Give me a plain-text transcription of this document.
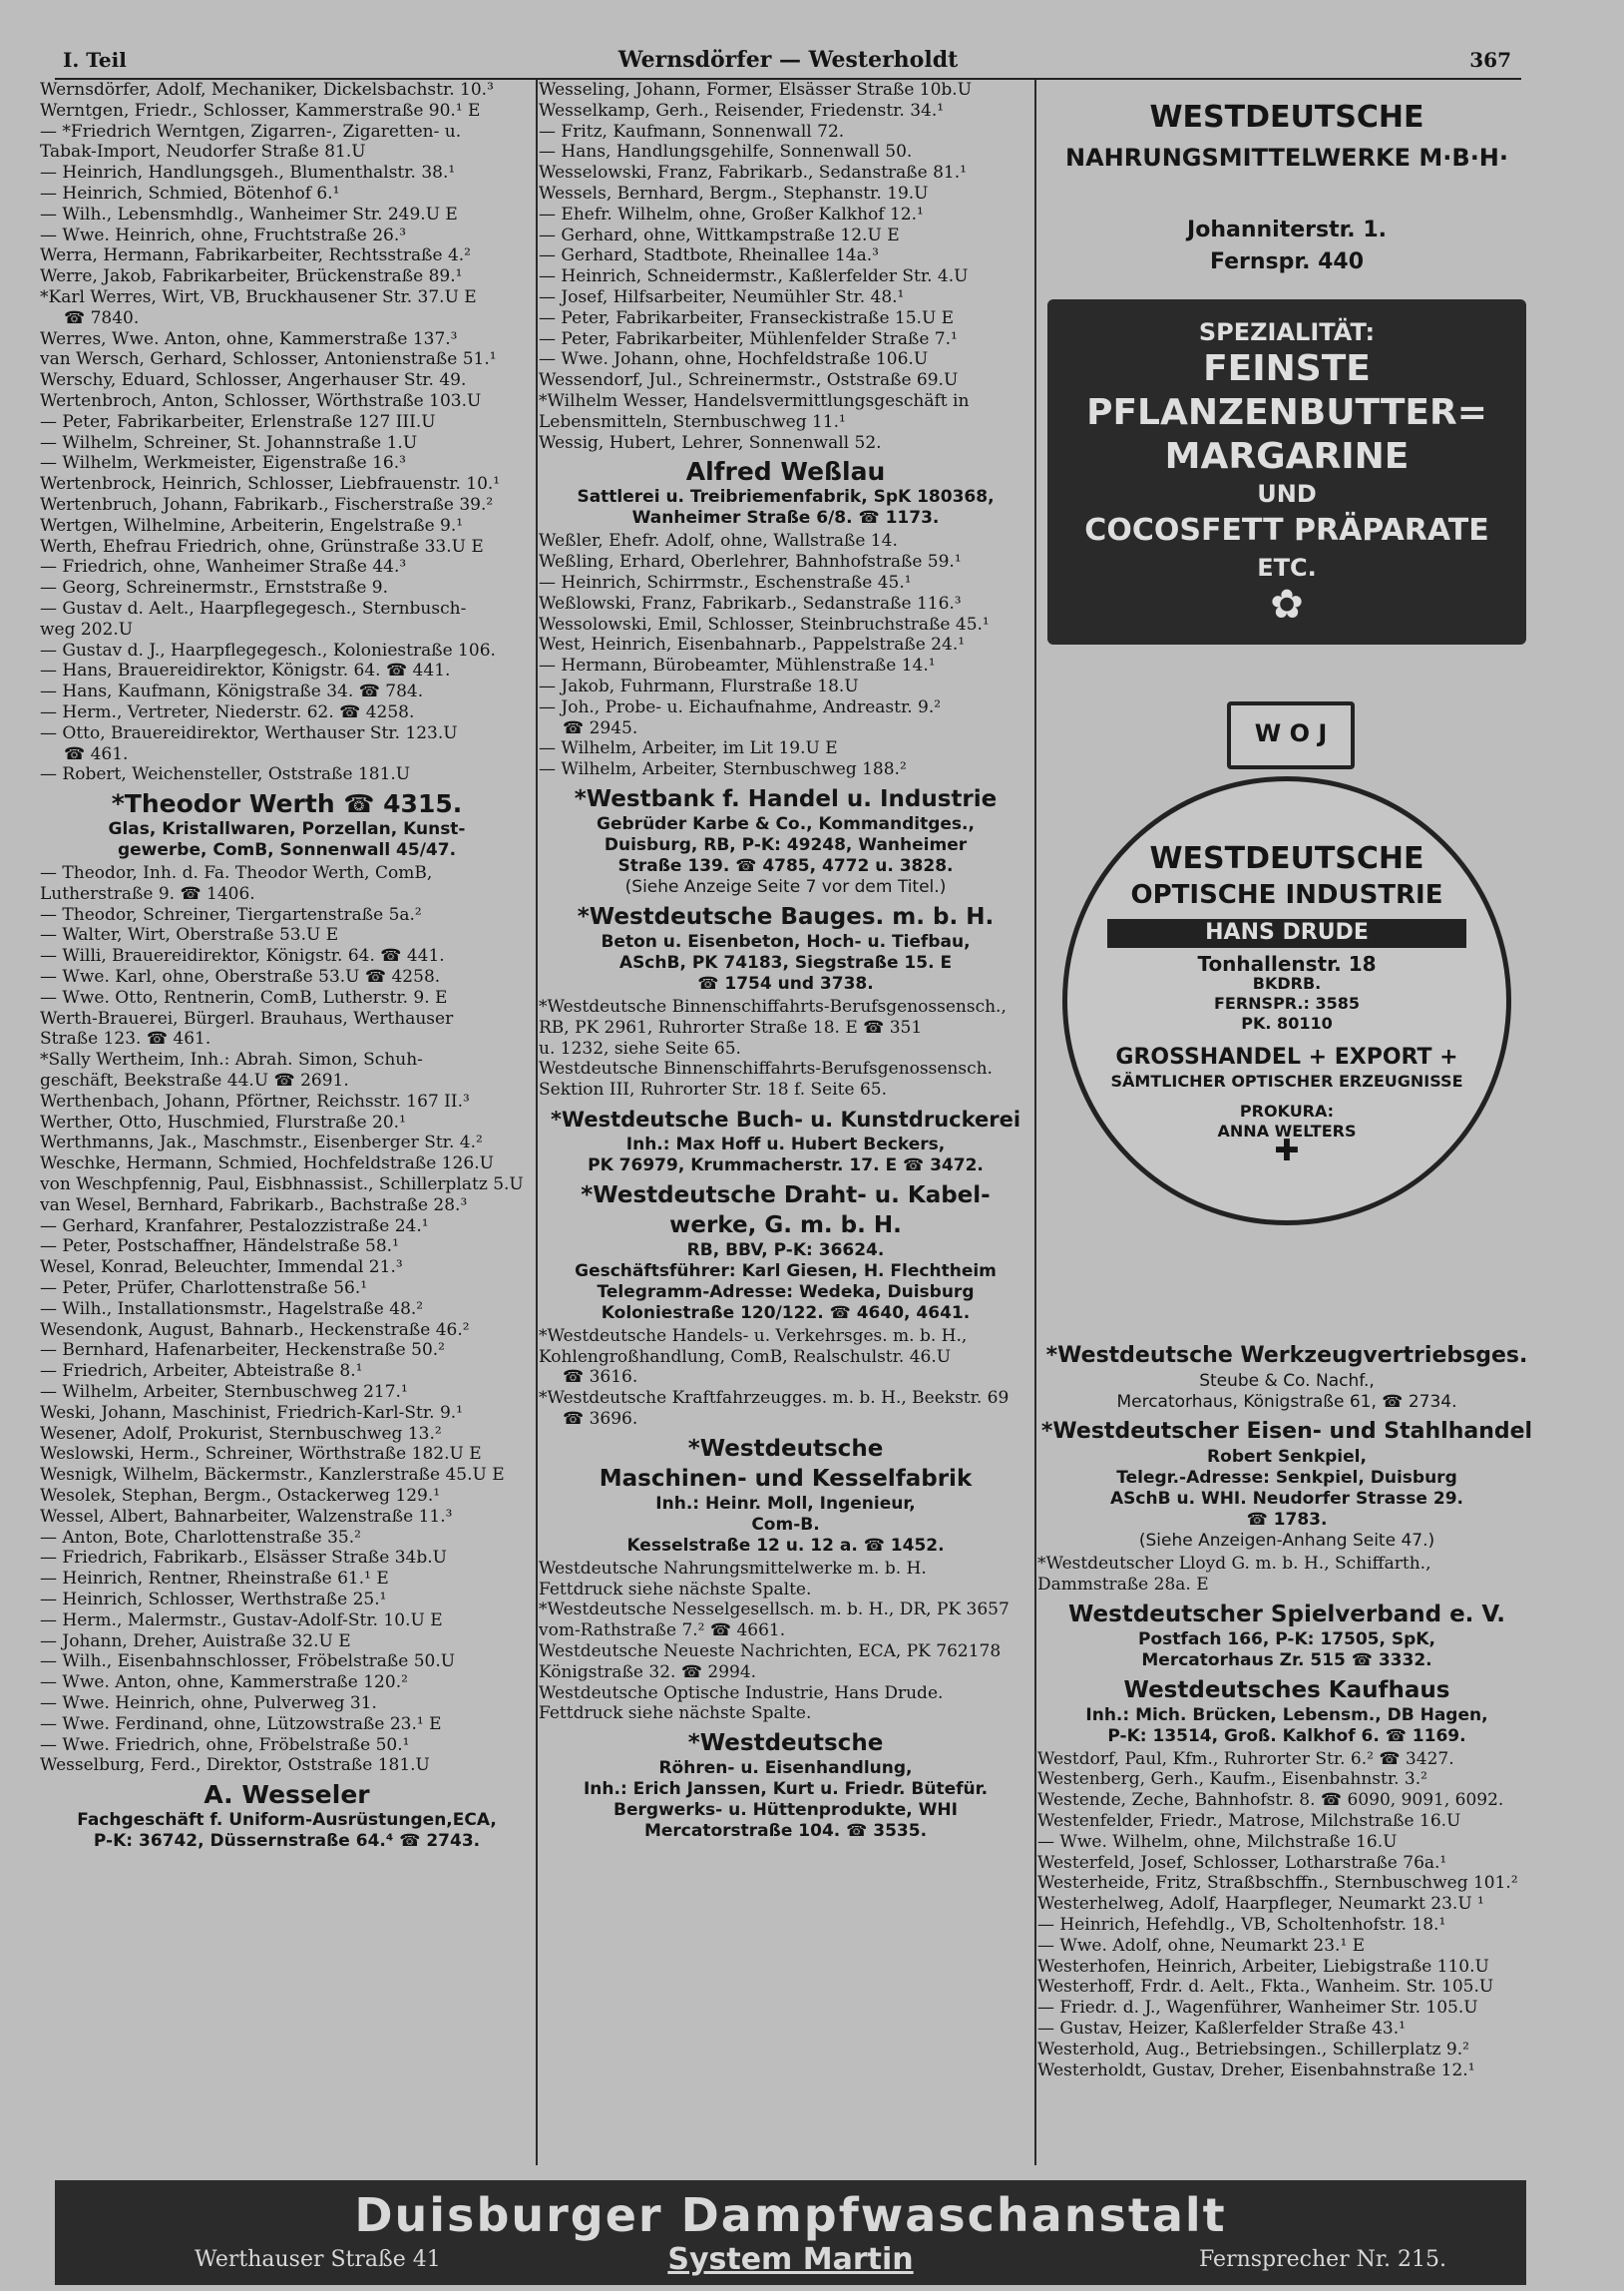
I. Teil	Wernsdörfer — Westerholdt	367
Wernsdörfer, Adolf, Mechaniker, Dickelsbachstr. 10.³
Werntgen, Friedr., Schlosser, Kammerstraße 90.¹ E
— *Friedrich Werntgen, Zigarren-, Zigaretten- u.
Tabak-Import, Neudorfer Straße 81.U
— Heinrich, Handlungsgeh., Blumenthalstr. 38.¹
— Heinrich, Schmied, Bötenhof 6.¹
— Wilh., Lebensmhdlg., Wanheimer Str. 249.U E
— Wwe. Heinrich, ohne, Fruchtstraße 26.³
Werra, Hermann, Fabrikarbeiter, Rechtsstraße 4.²
Werre, Jakob, Fabrikarbeiter, Brückenstraße 89.¹
*Karl Werres, Wirt, VB, Bruckhausener Str. 37.U E
☎ 7840.
Werres, Wwe. Anton, ohne, Kammerstraße 137.³
van Wersch, Gerhard, Schlosser, Antonienstraße 51.¹
Werschy, Eduard, Schlosser, Angerhauser Str. 49.
Wertenbroch, Anton, Schlosser, Wörthstraße 103.U
— Peter, Fabrikarbeiter, Erlenstraße 127 III.U
— Wilhelm, Schreiner, St. Johannstraße 1.U
— Wilhelm, Werkmeister, Eigenstraße 16.³
Wertenbrock, Heinrich, Schlosser, Liebfrauenstr. 10.¹
Wertenbruch, Johann, Fabrikarb., Fischerstraße 39.²
Wertgen, Wilhelmine, Arbeiterin, Engelstraße 9.¹
Werth, Ehefrau Friedrich, ohne, Grünstraße 33.U E
— Friedrich, ohne, Wanheimer Straße 44.³
— Georg, Schreinermstr., Ernststraße 9.
— Gustav d. Aelt., Haarpflegegesch., Sternbusch-
weg 202.U
— Gustav d. J., Haarpflegegesch., Koloniestraße 106.
— Hans, Brauereidirektor, Königstr. 64. ☎ 441.
— Hans, Kaufmann, Königstraße 34. ☎ 784.
— Herm., Vertreter, Niederstr. 62. ☎ 4258.
— Otto, Brauereidirektor, Werthauser Str. 123.U
☎ 461.
— Robert, Weichensteller, Oststraße 181.U
*Theodor Werth ☎ 4315.
Glas, Kristallwaren, Porzellan, Kunst-
gewerbe, ComB, Sonnenwall 45/47.
— Theodor, Inh. d. Fa. Theodor Werth, ComB,
Lutherstraße 9. ☎ 1406.
— Theodor, Schreiner, Tiergartenstraße 5a.²
— Walter, Wirt, Oberstraße 53.U E
— Willi, Brauereidirektor, Königstr. 64. ☎ 441.
— Wwe. Karl, ohne, Oberstraße 53.U ☎ 4258.
— Wwe. Otto, Rentnerin, ComB, Lutherstr. 9. E
Werth-Brauerei, Bürgerl. Brauhaus, Werthauser
Straße 123. ☎ 461.
*Sally Wertheim, Inh.: Abrah. Simon, Schuh-
geschäft, Beekstraße 44.U ☎ 2691.
Werthenbach, Johann, Pförtner, Reichsstr. 167 II.³
Werther, Otto, Huschmied, Flurstraße 20.¹
Werthmanns, Jak., Maschmstr., Eisenberger Str. 4.²
Weschke, Hermann, Schmied, Hochfeldstraße 126.U
von Weschpfennig, Paul, Eisbhnassist., Schillerplatz 5.U
van Wesel, Bernhard, Fabrikarb., Bachstraße 28.³
— Gerhard, Kranfahrer, Pestalozzistraße 24.¹
— Peter, Postschaffner, Händelstraße 58.¹
Wesel, Konrad, Beleuchter, Immendal 21.³
— Peter, Prüfer, Charlottenstraße 56.¹
— Wilh., Installationsmstr., Hagelstraße 48.²
Wesendonk, August, Bahnarb., Heckenstraße 46.²
— Bernhard, Hafenarbeiter, Heckenstraße 50.²
— Friedrich, Arbeiter, Abteistraße 8.¹
— Wilhelm, Arbeiter, Sternbuschweg 217.¹
Weski, Johann, Maschinist, Friedrich-Karl-Str. 9.¹
Wesener, Adolf, Prokurist, Sternbuschweg 13.²
Weslowski, Herm., Schreiner, Wörthstraße 182.U E
Wesnigk, Wilhelm, Bäckermstr., Kanzlerstraße 45.U E
Wesolek, Stephan, Bergm., Ostackerweg 129.¹
Wessel, Albert, Bahnarbeiter, Walzenstraße 11.³
— Anton, Bote, Charlottenstraße 35.²
— Friedrich, Fabrikarb., Elsässer Straße 34b.U
— Heinrich, Rentner, Rheinstraße 61.¹ E
— Heinrich, Schlosser, Werthstraße 25.¹
— Herm., Malermstr., Gustav-Adolf-Str. 10.U E
— Johann, Dreher, Auistraße 32.U E
— Wilh., Eisenbahnschlosser, Fröbelstraße 50.U
— Wwe. Anton, ohne, Kammerstraße 120.²
— Wwe. Heinrich, ohne, Pulverweg 31.
— Wwe. Ferdinand, ohne, Lützowstraße 23.¹ E
— Wwe. Friedrich, ohne, Fröbelstraße 50.¹
Wesselburg, Ferd., Direktor, Oststraße 181.U
A. Wesseler
Fachgeschäft f. Uniform-Ausrüstungen,ECA,
P-K: 36742, Düssernstraße 64.⁴ ☎ 2743.
Wesseling, Johann, Former, Elsässer Straße 10b.U
Wesselkamp, Gerh., Reisender, Friedenstr. 34.¹
— Fritz, Kaufmann, Sonnenwall 72.
— Hans, Handlungsgehilfe, Sonnenwall 50.
Wesselowski, Franz, Fabrikarb., Sedanstraße 81.¹
Wessels, Bernhard, Bergm., Stephanstr. 19.U
— Ehefr. Wilhelm, ohne, Großer Kalkhof 12.¹
— Gerhard, ohne, Wittkampstraße 12.U E
— Gerhard, Stadtbote, Rheinallee 14a.³
— Heinrich, Schneidermstr., Kaßlerfelder Str. 4.U
— Josef, Hilfsarbeiter, Neumühler Str. 48.¹
— Peter, Fabrikarbeiter, Franseckistraße 15.U E
— Peter, Fabrikarbeiter, Mühlenfelder Straße 7.¹
— Wwe. Johann, ohne, Hochfeldstraße 106.U
Wessendorf, Jul., Schreinermstr., Oststraße 69.U
*Wilhelm Wesser, Handelsvermittlungsgeschäft in
Lebensmitteln, Sternbuschweg 11.¹
Wessig, Hubert, Lehrer, Sonnenwall 52.
Alfred Weßlau
Sattlerei u. Treibriemenfabrik, SpK 180368,
Wanheimer Straße 6/8. ☎ 1173.
Weßler, Ehefr. Adolf, ohne, Wallstraße 14.
Weßling, Erhard, Oberlehrer, Bahnhofstraße 59.¹
— Heinrich, Schirrmstr., Eschenstraße 45.¹
Weßlowski, Franz, Fabrikarb., Sedanstraße 116.³
Wessolowski, Emil, Schlosser, Steinbruchstraße 45.¹
West, Heinrich, Eisenbahnarb., Pappelstraße 24.¹
— Hermann, Bürobeamter, Mühlenstraße 14.¹
— Jakob, Fuhrmann, Flurstraße 18.U
— Joh., Probe- u. Eichaufnahme, Andreastr. 9.²
☎ 2945.
— Wilhelm, Arbeiter, im Lit 19.U E
— Wilhelm, Arbeiter, Sternbuschweg 188.²
*Westbank f. Handel u. Industrie
Gebrüder Karbe & Co., Kommanditges.,
Duisburg, RB, P-K: 49248, Wanheimer
Straße 139. ☎ 4785, 4772 u. 3828.
(Siehe Anzeige Seite 7 vor dem Titel.)
*Westdeutsche Bauges. m. b. H.
Beton u. Eisenbeton, Hoch- u. Tiefbau,
ASchB, PK 74183, Siegstraße 15. E
☎ 1754 und 3738.
*Westdeutsche Binnenschiffahrts-Berufsgenossensch.,
RB, PK 2961, Ruhrorter Straße 18. E ☎ 351
u. 1232, siehe Seite 65.
Westdeutsche Binnenschiffahrts-Berufsgenossensch.
Sektion III, Ruhrorter Str. 18 f. Seite 65.
*Westdeutsche Buch- u. Kunstdruckerei
Inh.: Max Hoff u. Hubert Beckers,
PK 76979, Krummacherstr. 17. E ☎ 3472.
*Westdeutsche Draht- u. Kabel-
werke, G. m. b. H.
RB, BBV, P-K: 36624.
Geschäftsführer: Karl Giesen, H. Flechtheim
Telegramm-Adresse: Wedeka, Duisburg
Koloniestraße 120/122. ☎ 4640, 4641.
*Westdeutsche Handels- u. Verkehrsges. m. b. H.,
Kohlengroßhandlung, ComB, Realschulstr. 46.U
☎ 3616.
*Westdeutsche Kraftfahrzeugges. m. b. H., Beekstr. 69
☎ 3696.
*Westdeutsche
Maschinen- und Kesselfabrik
Inh.: Heinr. Moll, Ingenieur,
Com-B.
Kesselstraße 12 u. 12 a. ☎ 1452.
Westdeutsche Nahrungsmittelwerke m. b. H.
Fettdruck siehe nächste Spalte.
*Westdeutsche Nesselgesellsch. m. b. H., DR, PK 3657
vom-Rathstraße 7.² ☎ 4661.
Westdeutsche Neueste Nachrichten, ECA, PK 762178
Königstraße 32. ☎ 2994.
Westdeutsche Optische Industrie, Hans Drude.
Fettdruck siehe nächste Spalte.
*Westdeutsche
Röhren- u. Eisenhandlung,
Inh.: Erich Janssen, Kurt u. Friedr. Bütefür.
Bergwerks- u. Hüttenprodukte, WHI
Mercatorstraße 104. ☎ 3535.
WESTDEUTSCHE
NAHRUNGSMITTELWERKE M·B·H·
Johanniterstr. 1.
Fernspr. 440
SPEZIALITÄT:
FEINSTE
PFLANZENBUTTER=
MARGARINE
UND
COCOSFETT PRÄPARATE
ETC.
✿
W O J
WESTDEUTSCHE
OPTISCHE INDUSTRIE
HANS DRUDE
Tonhallenstr. 18
BKDRB.
FERNSPR.: 3585
PK. 80110
GROSSHANDEL + EXPORT +
SÄMTLICHER OPTISCHER ERZEUGNISSE
PROKURA:
ANNA WELTERS
✚
*Westdeutsche Werkzeugvertriebsges.
Steube & Co. Nachf.,
Mercatorhaus, Königstraße 61, ☎ 2734.
*Westdeutscher Eisen- und Stahlhandel
Robert Senkpiel,
Telegr.-Adresse: Senkpiel, Duisburg
ASchB u. WHI. Neudorfer Strasse 29.
☎ 1783.
(Siehe Anzeigen-Anhang Seite 47.)
*Westdeutscher Lloyd G. m. b. H., Schiffarth.,
Dammstraße 28a. E
Westdeutscher Spielverband e. V.
Postfach 166, P-K: 17505, SpK,
Mercatorhaus Zr. 515 ☎ 3332.
Westdeutsches Kaufhaus
Inh.: Mich. Brücken, Lebensm., DB Hagen,
P-K: 13514, Groß. Kalkhof 6. ☎ 1169.
Westdorf, Paul, Kfm., Ruhrorter Str. 6.² ☎ 3427.
Westenberg, Gerh., Kaufm., Eisenbahnstr. 3.²
Westende, Zeche, Bahnhofstr. 8. ☎ 6090, 9091, 6092.
Westenfelder, Friedr., Matrose, Milchstraße 16.U
— Wwe. Wilhelm, ohne, Milchstraße 16.U
Westerfeld, Josef, Schlosser, Lotharstraße 76a.¹
Westerheide, Fritz, Straßbschffn., Sternbuschweg 101.²
Westerhelweg, Adolf, Haarpfleger, Neumarkt 23.U ¹
— Heinrich, Hefehdlg., VB, Scholtenhofstr. 18.¹
— Wwe. Adolf, ohne, Neumarkt 23.¹ E
Westerhofen, Heinrich, Arbeiter, Liebigstraße 110.U
Westerhoff, Frdr. d. Aelt., Fkta., Wanheim. Str. 105.U
— Friedr. d. J., Wagenführer, Wanheimer Str. 105.U
— Gustav, Heizer, Kaßlerfelder Straße 43.¹
Westerhold, Aug., Betriebsingen., Schillerplatz 9.²
Westerholdt, Gustav, Dreher, Eisenbahnstraße 12.¹
Duisburger Dampfwaschanstalt
Werthauser Straße 41	System Martin	Fernsprecher Nr. 215.
